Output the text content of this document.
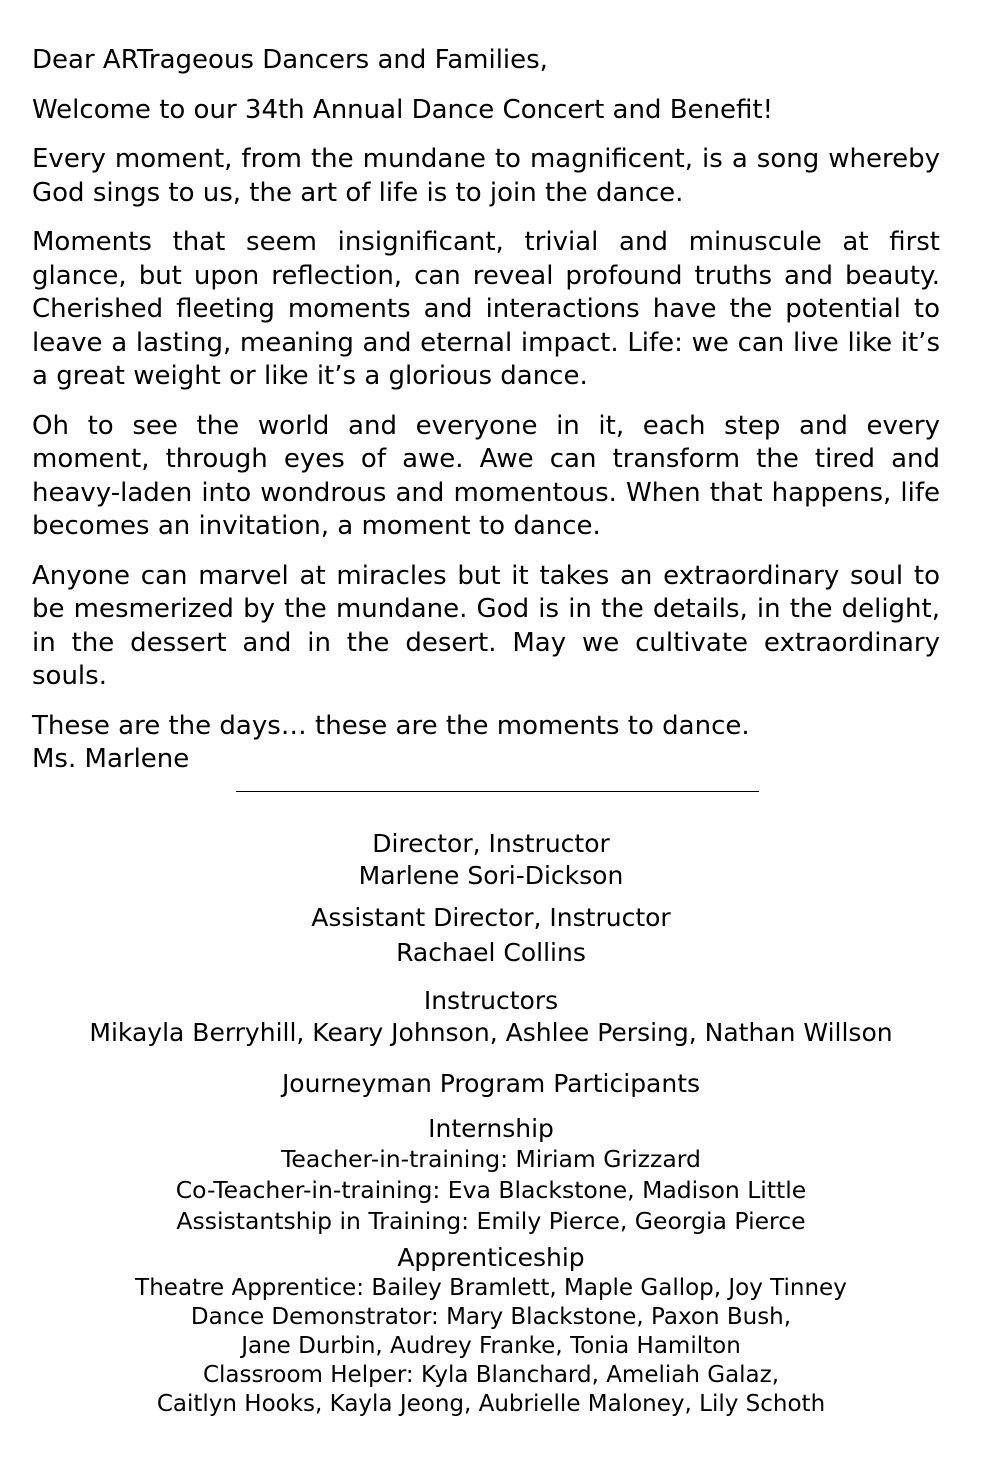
Dear ARTrageous Dancers and Families,

Welcome to our 34th Annual Dance Concert and Benefit!

Every moment, from the mundane to magnificent, is a song whereby God sings to us, the art of life is to join the dance.

Moments that seem insignificant, trivial and minuscule at first glance, but upon reflection, can reveal profound truths and beauty. Cherished fleeting moments and interactions have the potential to leave a lasting, meaning and eternal impact. Life: we can live like it’s a great weight or like it’s a glorious dance.

Oh to see the world and everyone in it, each step and every moment, through eyes of awe. Awe can transform the tired and heavy-laden into wondrous and momentous. When that happens, life becomes an invitation, a moment to dance.

Anyone can marvel at miracles but it takes an extraordinary soul to be mesmerized by the mundane. God is in the details, in the delight, in the dessert and in the desert. May we cultivate extraordinary souls.

These are the days… these are the moments to dance.

Ms. Marlene

Director, Instructor
Marlene Sori-Dickson
Assistant Director, Instructor
Rachael Collins
Instructors
Mikayla Berryhill, Keary Johnson, Ashlee Persing, Nathan Willson
Journeyman Program Participants
Internship
Teacher-in-training: Miriam Grizzard
Co-Teacher-in-training: Eva Blackstone, Madison Little
Assistantship in Training: Emily Pierce, Georgia Pierce
Apprenticeship
Theatre Apprentice: Bailey Bramlett, Maple Gallop, Joy Tinney
Dance Demonstrator: Mary Blackstone, Paxon Bush,
Jane Durbin, Audrey Franke, Tonia Hamilton
Classroom Helper: Kyla Blanchard, Ameliah Galaz,
Caitlyn Hooks, Kayla Jeong, Aubrielle Maloney, Lily Schoth
